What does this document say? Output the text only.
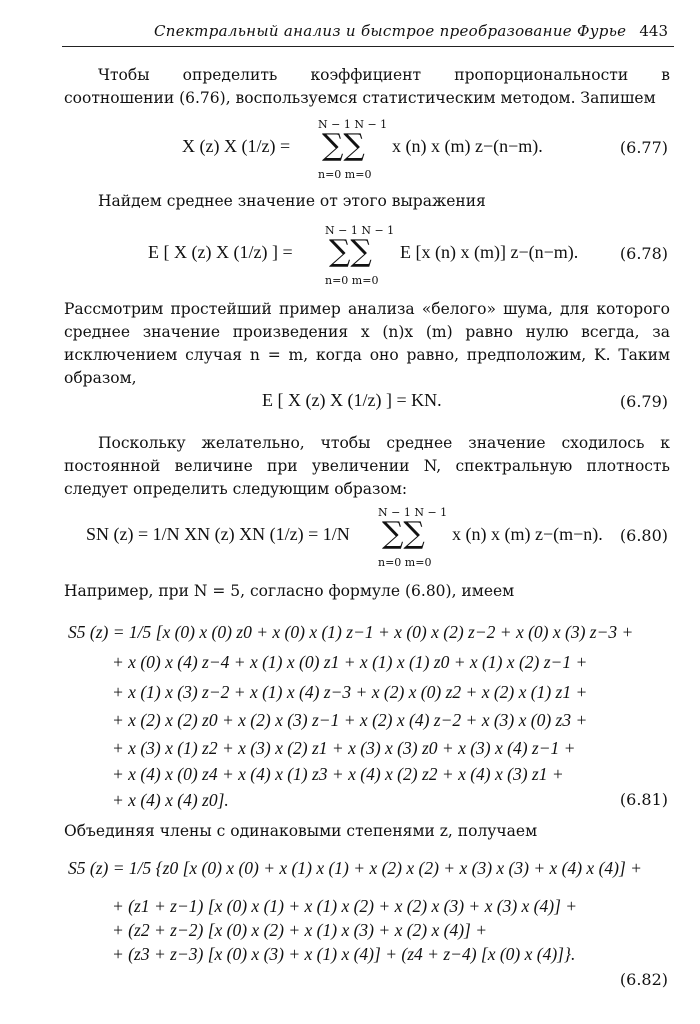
Спектральный анализ и быстрое преобразование Фурье 443
Чтобы определить коэффициент пропорциональности в соотношении (6.76), воспользуемся статистическим методом. Запишем
X (z) X (1/z) =
N − 1 N − 1
∑∑
n=0 m=0
x (n) x (m) z−(n−m).	(6.77)
Найдем среднее значение от этого выражения
E [ X (z) X (1/z) ] =
N − 1 N − 1
∑∑
n=0 m=0
E [x (n) x (m)] z−(n−m).	(6.78)
Рассмотрим простейший пример анализа «белого» шума, для которого среднее значение произведения x (n)x (m) равно нулю всегда, за исключением случая n = m, когда оно равно, предположим, K. Таким образом,
E [ X (z) X (1/z) ] = KN.	(6.79)
Поскольку желательно, чтобы среднее значение сходилось к постоянной величине при увеличении N, спектральную плотность следует определить следующим образом:
SN (z) = 1/N XN (z) XN (1/z) = 1/N
N − 1 N − 1
∑∑
n=0 m=0
x (n) x (m) z−(m−n). (6.80)
Например, при N = 5, согласно формуле (6.80), имеем
S5 (z) = 1/5 [x (0) x (0) z0 + x (0) x (1) z−1 + x (0) x (2) z−2 + x (0) x (3) z−3 +
+ x (0) x (4) z−4 + x (1) x (0) z1 + x (1) x (1) z0 + x (1) x (2) z−1 +
+ x (1) x (3) z−2 + x (1) x (4) z−3 + x (2) x (0) z2 + x (2) x (1) z1 +
+ x (2) x (2) z0 + x (2) x (3) z−1 + x (2) x (4) z−2 + x (3) x (0) z3 +
+ x (3) x (1) z2 + x (3) x (2) z1 + x (3) x (3) z0 + x (3) x (4) z−1 +
+ x (4) x (0) z4 + x (4) x (1) z3 + x (4) x (2) z2 + x (4) x (3) z1 +
+ x (4) x (4) z0].	(6.81)
Объединяя члены с одинаковыми степенями z, получаем
S5 (z) = 1/5 {z0 [x (0) x (0) + x (1) x (1) + x (2) x (2) + x (3) x (3) + x (4) x (4)] +
+ (z1 + z−1) [x (0) x (1) + x (1) x (2) + x (2) x (3) + x (3) x (4)] +
+ (z2 + z−2) [x (0) x (2) + x (1) x (3) + x (2) x (4)] +
+ (z3 + z−3) [x (0) x (3) + x (1) x (4)] + (z4 + z−4) [x (0) x (4)]}.
(6.82)
